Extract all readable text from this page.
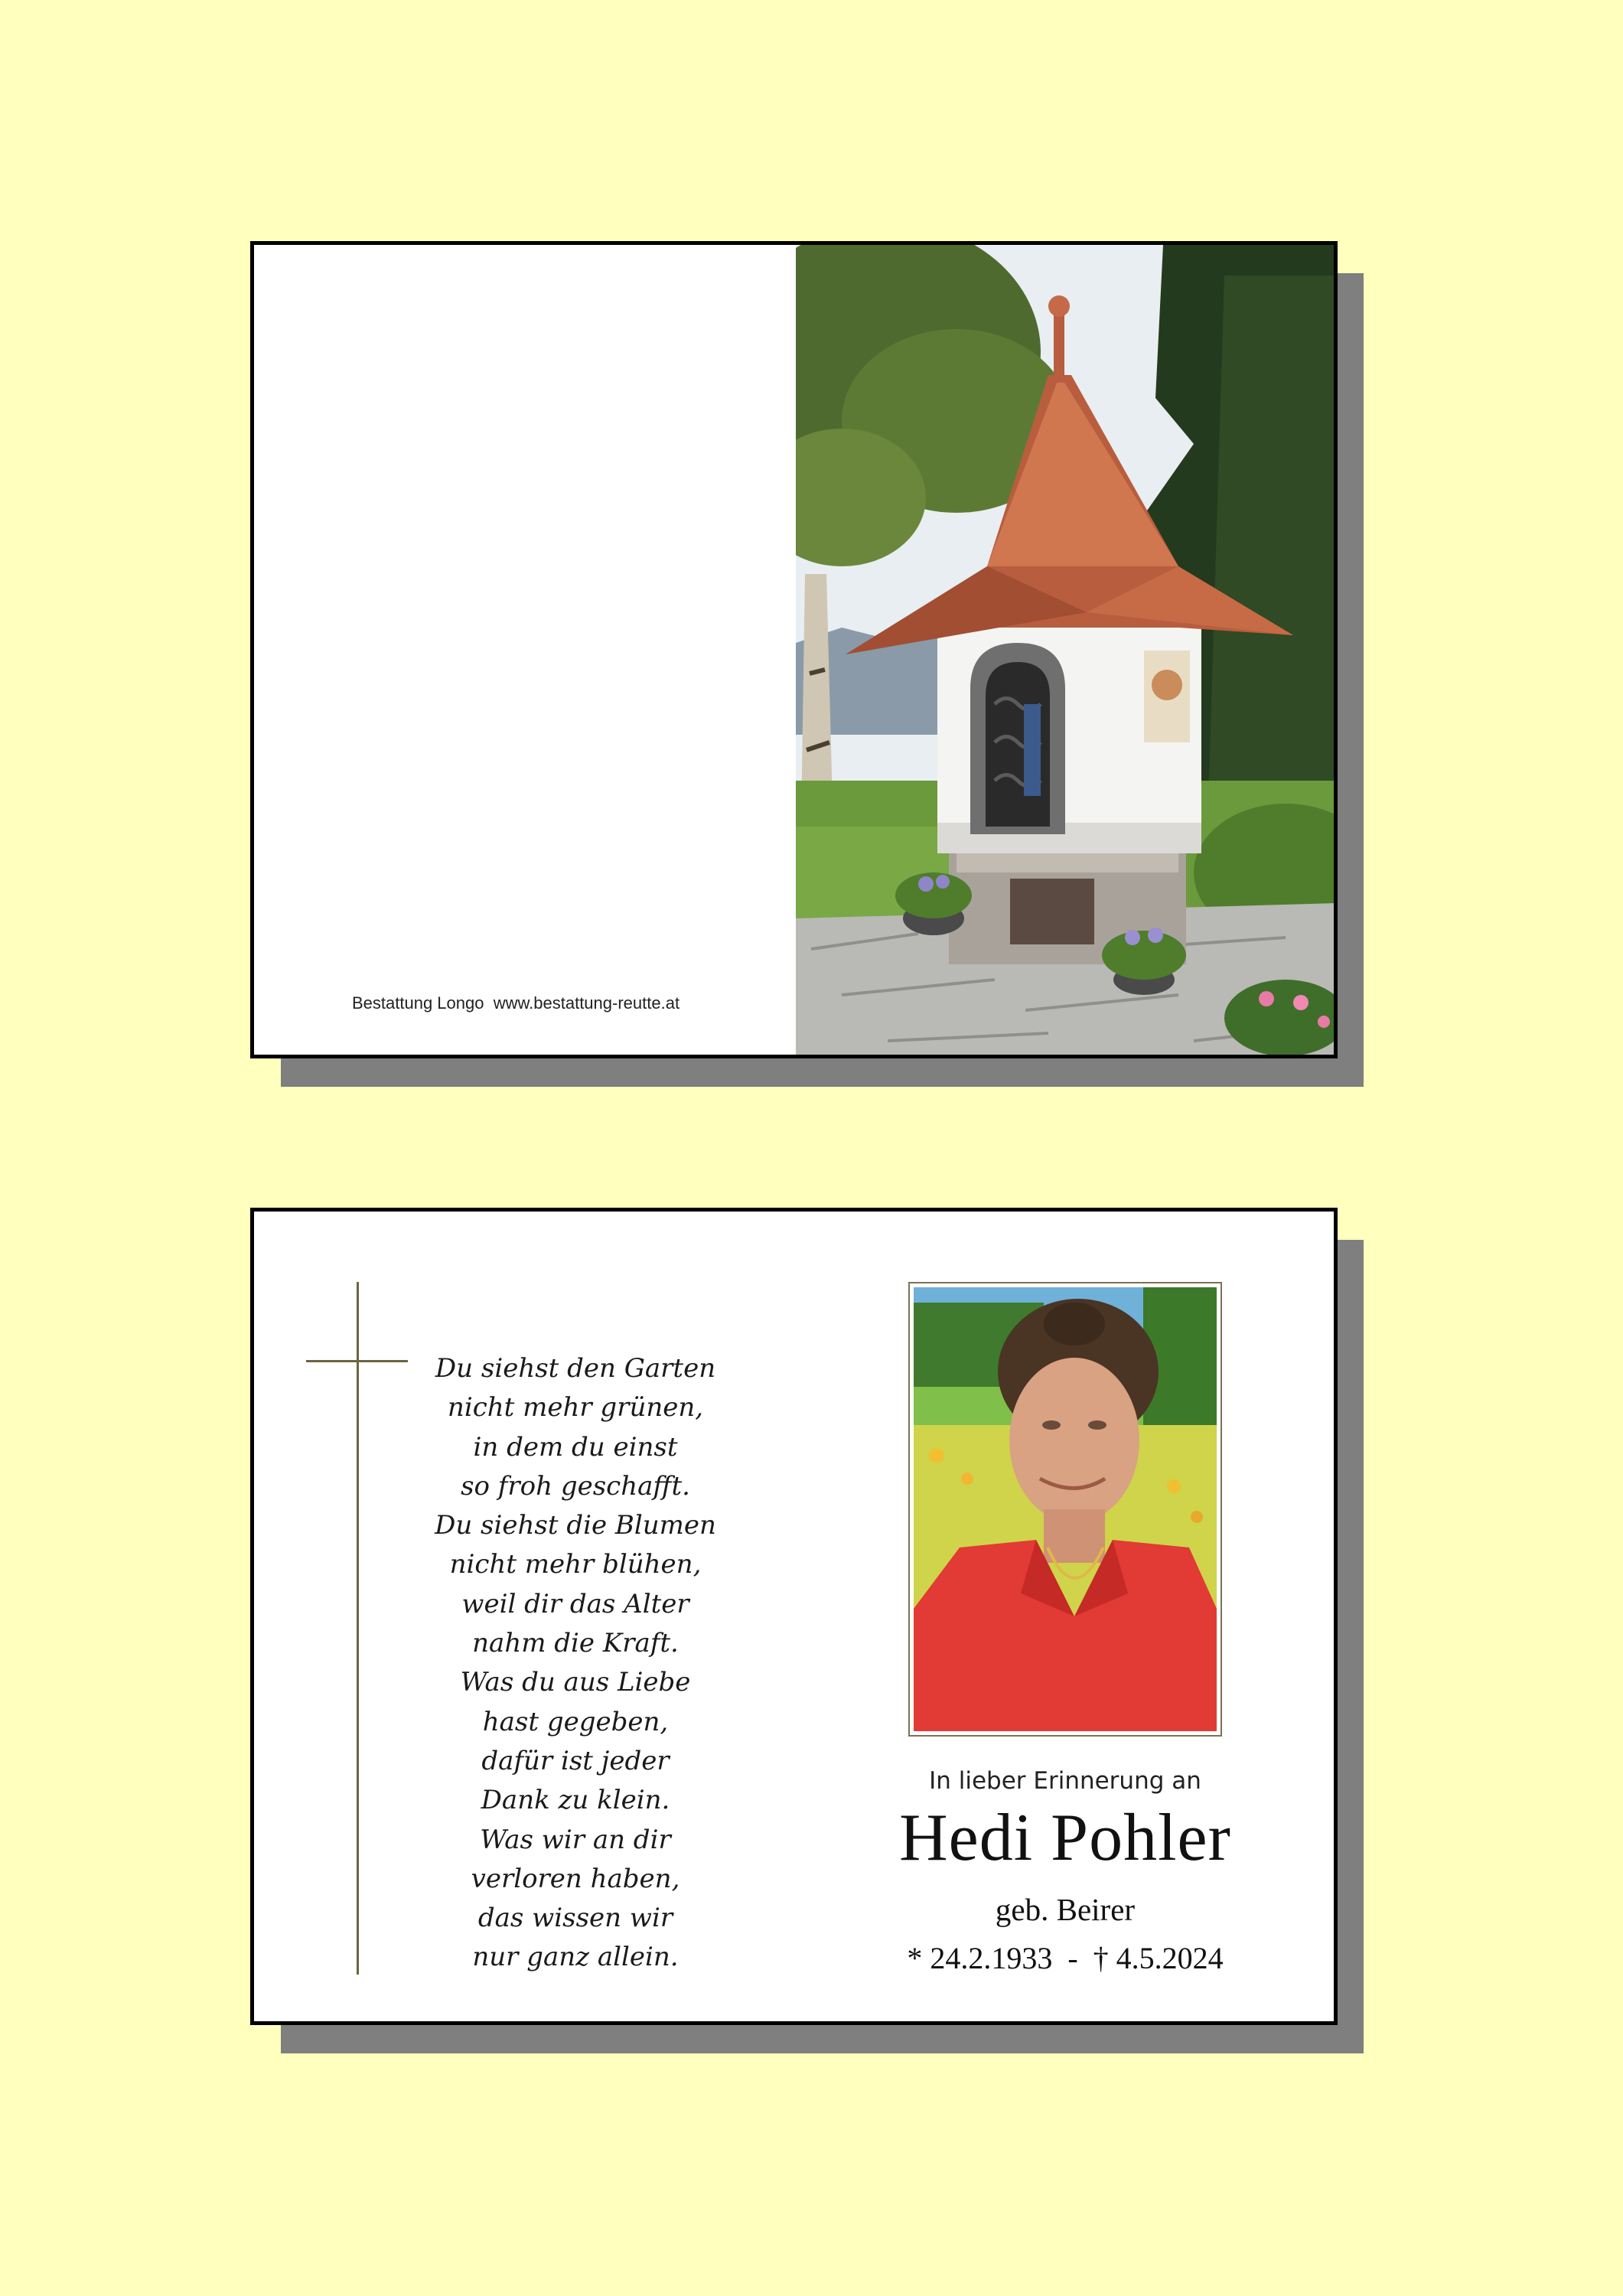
Bestattung Longo  www.bestattung-reutte.at
Du siehst den Garten
nicht mehr grünen,
in dem du einst
so froh geschafft.
Du siehst die Blumen
nicht mehr blühen,
weil dir das Alter
nahm die Kraft.
Was du aus Liebe
hast gegeben,
dafür ist jeder
Dank zu klein.
Was wir an dir
verloren haben,
das wissen wir
nur ganz allein.
In lieber Erinnerung an
Hedi Pohler
geb. Beirer
* 24.2.1933  -  † 4.5.2024
